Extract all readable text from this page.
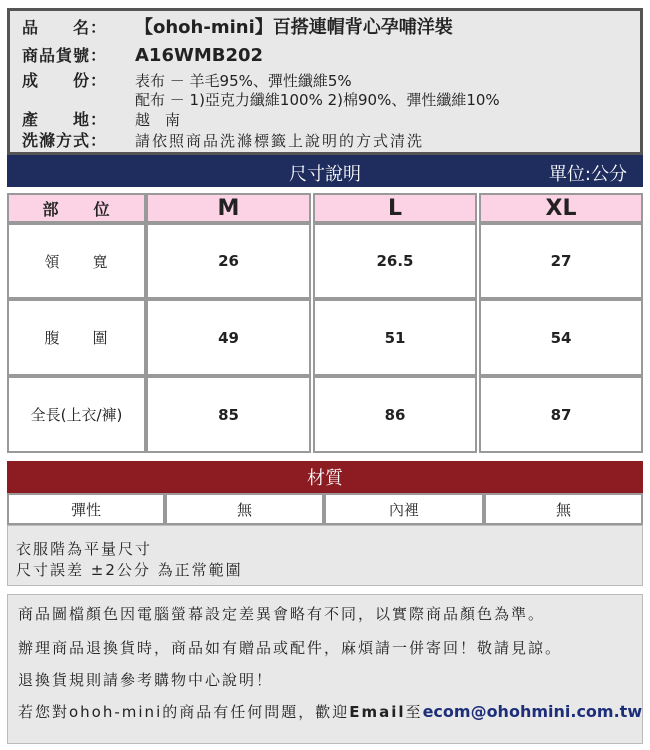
品　　名：	【ohoh-mini】百搭連帽背心孕哺洋裝
商品貨號：	A16WMB202
成　　份：	表布 － 羊毛95%、彈性纖維5%
配布 － 1)亞克力纖維100% 2)棉90%、彈性纖維10%
產　　地：	越　南
洗滌方式：	請依照商品洗滌標籤上說明的方式清洗
尺寸說明	單位:公分
部　　位	M	L	XL
領　　寬	26	26.5	27
腹　　圍	49	51	54
全長(上衣/褲)	85	86	87
材質
彈性	無	內裡	無
衣服階為平量尺寸
尺寸誤差 ±2公分 為正常範圍
商品圖檔顏色因電腦螢幕設定差異會略有不同，以實際商品顏色為準。
辦理商品退換貨時，商品如有贈品或配件，麻煩請一併寄回！敬請見諒。
退換貨規則請參考購物中心說明！
若您對ohoh-mini的商品有任何問題，歡迎Email至ecom@ohohmini.com.tw
